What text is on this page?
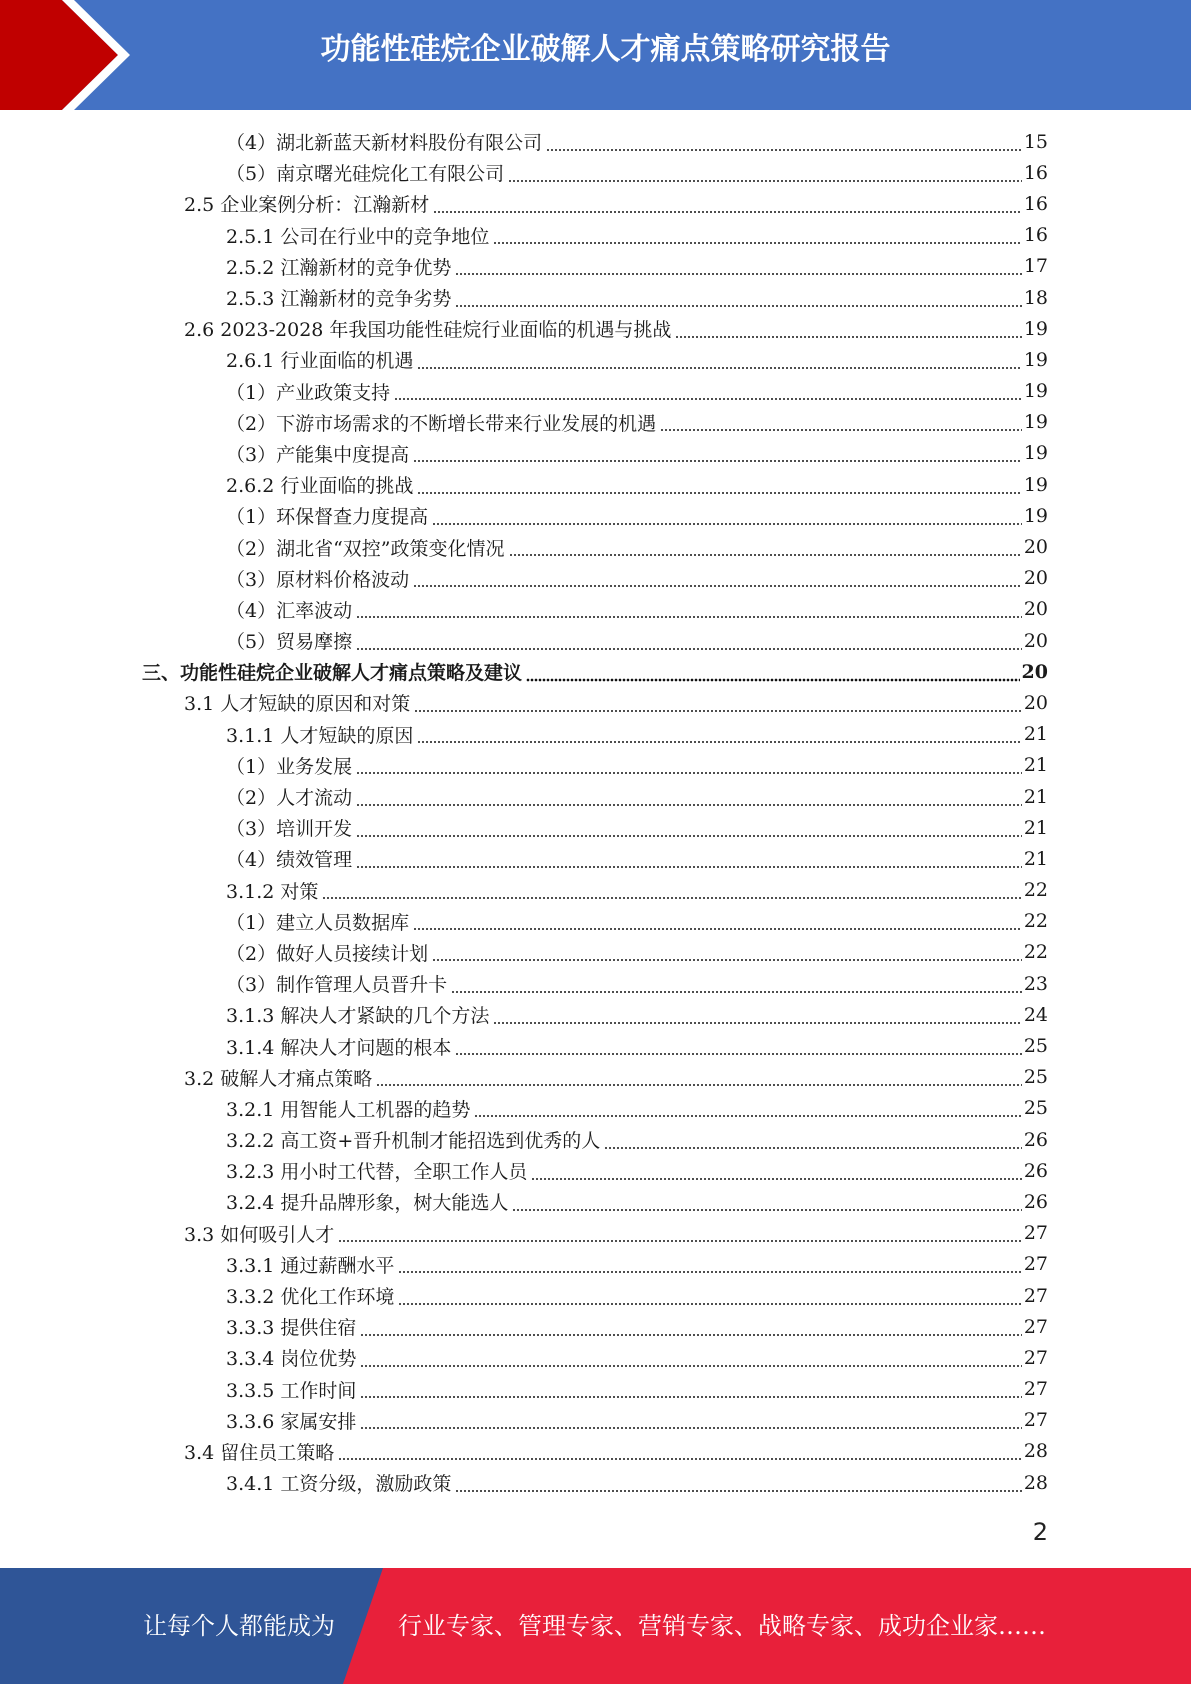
功能性硅烷企业破解人才痛点策略研究报告
（4）湖北新蓝天新材料股份有限公司	15
（5）南京曙光硅烷化工有限公司	16
2.5 企业案例分析：江瀚新材	16
2.5.1 公司在行业中的竞争地位	16
2.5.2 江瀚新材的竞争优势	17
2.5.3 江瀚新材的竞争劣势	18
2.6 2023-2028 年我国功能性硅烷行业面临的机遇与挑战	19
2.6.1 行业面临的机遇	19
（1）产业政策支持	19
（2）下游市场需求的不断增长带来行业发展的机遇	19
（3）产能集中度提高	19
2.6.2 行业面临的挑战	19
（1）环保督查力度提高	19
（2）湖北省“双控”政策变化情况	20
（3）原材料价格波动	20
（4）汇率波动	20
（5）贸易摩擦	20
三、功能性硅烷企业破解人才痛点策略及建议	20
3.1 人才短缺的原因和对策	20
3.1.1 人才短缺的原因	21
（1）业务发展	21
（2）人才流动	21
（3）培训开发	21
（4）绩效管理	21
3.1.2 对策	22
（1）建立人员数据库	22
（2）做好人员接续计划	22
（3）制作管理人员晋升卡	23
3.1.3 解决人才紧缺的几个方法	24
3.1.4 解决人才问题的根本	25
3.2 破解人才痛点策略	25
3.2.1 用智能人工机器的趋势	25
3.2.2 高工资+晋升机制才能招选到优秀的人	26
3.2.3 用小时工代替，全职工作人员	26
3.2.4 提升品牌形象，树大能选人	26
3.3 如何吸引人才	27
3.3.1 通过薪酬水平	27
3.3.2 优化工作环境	27
3.3.3 提供住宿	27
3.3.4 岗位优势	27
3.3.5 工作时间	27
3.3.6 家属安排	27
3.4 留住员工策略	28
3.4.1 工资分级，激励政策	28
2
让每个人都能成为	行业专家、管理专家、营销专家、战略专家、成功企业家……
